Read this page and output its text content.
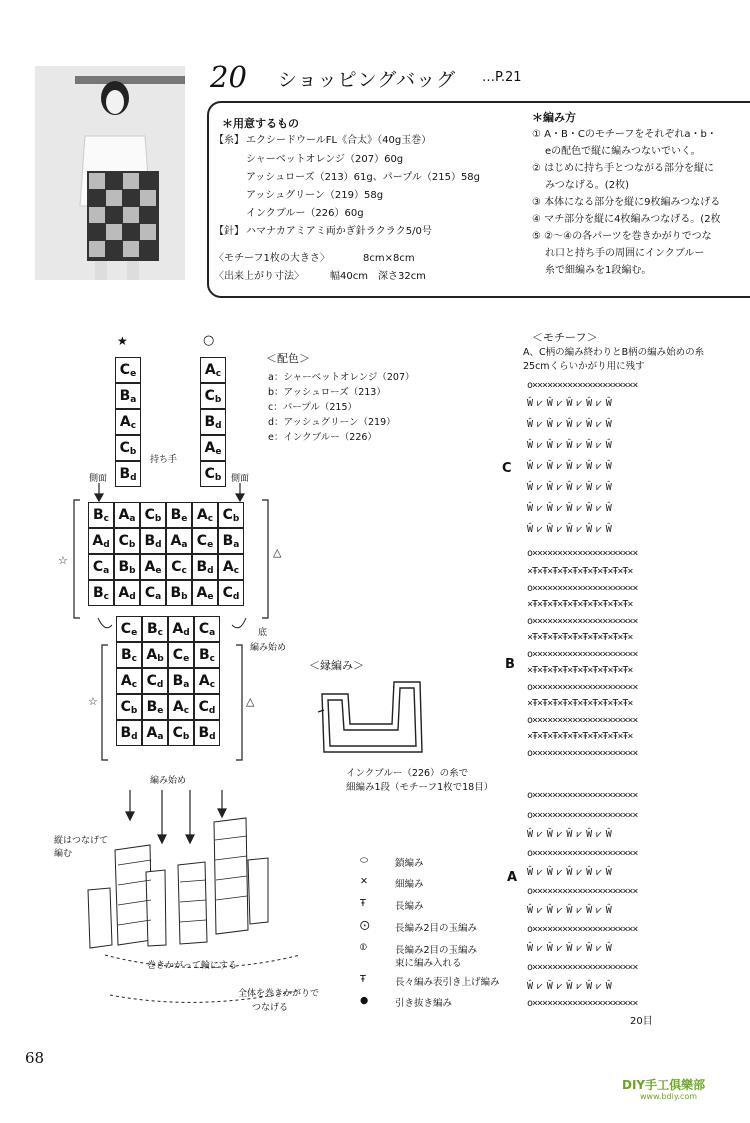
20 ショッピングバッグ …P.21
＊用意するもの
【糸】 エクシードウールFL《合太》（40g玉巻）
シャーベットオレンジ（207）60g
アッシュローズ（213）61g、パープル（215）58g
アッシュグリーン（219）58g
インクブルー（226）60g
【針】 ハマナカアミアミ両かぎ針ラクラク5/0号
〈モチーフ1枚の大きさ〉	8cm×8cm
〈出来上がり寸法〉	幅40cm　深さ32cm
＊編み方
① A・B・Cのモチーフをそれぞれa・b・
eの配色で縦に編みつないでいく。
② はじめに持ち手とつながる部分を縦に
みつなげる。(2枚)
③ 本体になる部分を縦に9枚編みつなげる
④ マチ部分を縦に4枚編みつなげる。(2枚
⑤ ②～④の各パーツを巻きかがりでつな
れ口と持ち手の周囲にインクブルー
糸で細編みを1段編む。
＜配色＞
a：シャーベットオレンジ（207）
b：アッシュローズ（213）
c：パープル（215）
d：アッシュグリーン（219）
e：インクブルー（226）
$C_e$
$B_a$
$A_c$
$C_b$
$B_d$
$A_c$
$C_b$
$B_d$
$A_e$
$C_b$
$B_c$ $A_a$ $C_b$ $B_e$ $A_c$ $C_b$
$A_d$ $C_b$ $B_d$ $A_a$ $C_e$ $B_a$
$C_a$ $B_b$ $A_e$ $C_c$ $B_d$ $A_c$
$B_c$ $A_d$ $C_a$ $B_b$ $A_e$ $C_d$
$C_e$ $B_c$ $A_d$ $C_a$
$B_c$ $A_b$ $C_e$ $B_c$
$A_c$ $C_d$ $B_a$ $A_c$
$C_b$ $B_e$ $A_c$ $C_d$
$B_d$ $A_a$ $C_b$ $B_d$
★	○
持ち手
側面	側面
底
編み始め
編み始め
縦はつなげて
編む
巻きかがって輪にする
全体を巻きかがりで
つなげる
☆
△
☆	△
＜縁編み＞
インクブルー（226）の糸で
細編み1段（モチーフ1枚で18目）
⬭	鎖編み
✕	細編み
Ŧ	長編み
⨀	長編み2目の玉編み
⦶	長編み2目の玉編み
束に編み入れる
Ŧ	長々編み表引き上げ編み
●	引き抜き編み
＜モチーフ＞
A、C柄の編み終わりとB柄の編み始めの糸
25cmくらいかがり用に残す
C
B
A
o×××××××××××××××××××××
Ŵ ⩗ Ŵ ⩗ Ŵ ⩗ Ŵ ⩗ Ŵ
Ŵ ⩗ Ŵ ⩗ Ŵ ⩗ Ŵ ⩗ Ŵ
Ŵ ⩗ Ŵ ⩗ Ŵ ⩗ Ŵ ⩗ Ŵ
Ŵ ⩗ Ŵ ⩗ Ŵ ⩗ Ŵ ⩗ Ŵ
Ŵ ⩗ Ŵ ⩗ Ŵ ⩗ Ŵ ⩗ Ŵ
Ŵ ⩗ Ŵ ⩗ Ŵ ⩗ Ŵ ⩗ Ŵ
Ŵ ⩗ Ŵ ⩗ Ŵ ⩗ Ŵ ⩗ Ŵ
o×××××××××××××××××××××
×Ŧ×Ŧ×Ŧ×Ŧ×Ŧ×Ŧ×Ŧ×Ŧ×Ŧ×Ŧ×
o×××××××××××××××××××××
×Ŧ×Ŧ×Ŧ×Ŧ×Ŧ×Ŧ×Ŧ×Ŧ×Ŧ×Ŧ×
o×××××××××××××××××××××
×Ŧ×Ŧ×Ŧ×Ŧ×Ŧ×Ŧ×Ŧ×Ŧ×Ŧ×Ŧ×
o×××××××××××××××××××××
×Ŧ×Ŧ×Ŧ×Ŧ×Ŧ×Ŧ×Ŧ×Ŧ×Ŧ×Ŧ×
o×××××××××××××××××××××
×Ŧ×Ŧ×Ŧ×Ŧ×Ŧ×Ŧ×Ŧ×Ŧ×Ŧ×Ŧ×
o×××××××××××××××××××××
×Ŧ×Ŧ×Ŧ×Ŧ×Ŧ×Ŧ×Ŧ×Ŧ×Ŧ×Ŧ×
o×××××××××××××××××××××
o×××××××××××××××××××××
o×××××××××××××××××××××
Ŵ ⩗ Ŵ ⩗ Ŵ ⩗ Ŵ ⩗ Ŵ
o×××××××××××××××××××××
Ŵ ⩗ Ŵ ⩗ Ŵ ⩗ Ŵ ⩗ Ŵ
o×××××××××××××××××××××
Ŵ ⩗ Ŵ ⩗ Ŵ ⩗ Ŵ ⩗ Ŵ
o×××××××××××××××××××××
Ŵ ⩗ Ŵ ⩗ Ŵ ⩗ Ŵ ⩗ Ŵ
o×××××××××××××××××××××
Ŵ ⩗ Ŵ ⩗ Ŵ ⩗ Ŵ ⩗ Ŵ
o×××××××××××××××××××××
20目
68
DIY手工俱樂部
www.bdiy.com
